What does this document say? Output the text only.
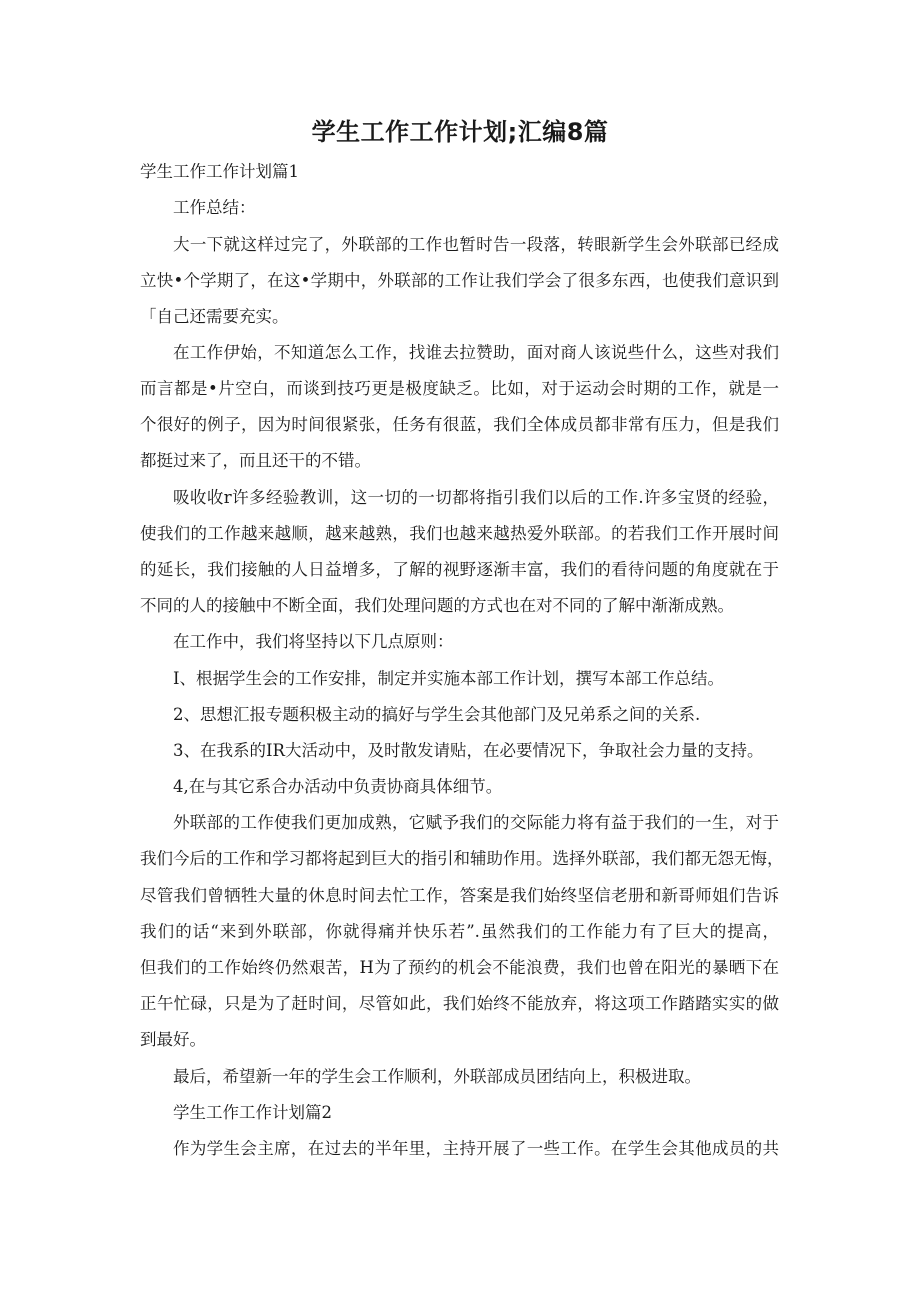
学生工作工作计划;汇编8篇
学生工作工作计划篇1
工作总结：
大一下就这样过完了，外联部的工作也暂时告一段落，转眼新学生会外联部已经成
立快•个学期了，在这•学期中，外联部的工作让我们学会了很多东西，也使我们意识到
「自己还需要充实。
在工作伊始，不知道怎么工作，找谁去拉赞助，面对商人该说些什么，这些对我们
而言都是•片空白，而谈到技巧更是极度缺乏。比如，对于运动会时期的工作，就是一
个很好的例子，因为时间很紧张，任务有很蓝，我们全体成员都非常有压力，但是我们
都挺过来了，而且还干的不错。
吸收收r许多经验教训，这一切的一切都将指引我们以后的工作.许多宝贤的经验，
使我们的工作越来越顺，越来越熟，我们也越来越热爱外联部。的若我们工作开展时间
的延长，我们接触的人日益增多，了解的视野逐渐丰富，我们的看待问题的角度就在于
不同的人的接触中不断全面，我们处理问题的方式也在对不同的了解中渐渐成熟。
在工作中，我们将坚持以下几点原则：
I、根据学生会的工作安排，制定并实施本部工作计划，撰写本部工作总结。
2、思想汇报专题积极主动的搞好与学生会其他部门及兄弟系之间的关系.
3、在我系的IR大活动中，及时散发请贴，在必要情况下，争取社会力量的支持。
4,在与其它系合办活动中负责协商具体细节。
外联部的工作使我们更加成熟，它赋予我们的交际能力将有益于我们的一生，对于
我们今后的工作和学习都将起到巨大的指引和辅助作用。选择外联部，我们都无怨无悔，
尽管我们曾牺牲大量的休息时间去忙工作，答案是我们始终坚信老册和新哥师姐们告诉
我们的话“来到外联部，你就得痛并快乐若”.虽然我们的工作能力有了巨大的提高，
但我们的工作始终仍然艰苦，H为了预约的机会不能浪费，我们也曾在阳光的暴晒下在
正午忙碌，只是为了赶时间，尽管如此，我们始终不能放弃，将这项工作踏踏实实的做
到最好。
最后，希望新一年的学生会工作顺利，外联部成员团结向上，积极进取。
学生工作工作计划篇2
作为学生会主席，在过去的半年里，主持开展了一些工作。在学生会其他成员的共
